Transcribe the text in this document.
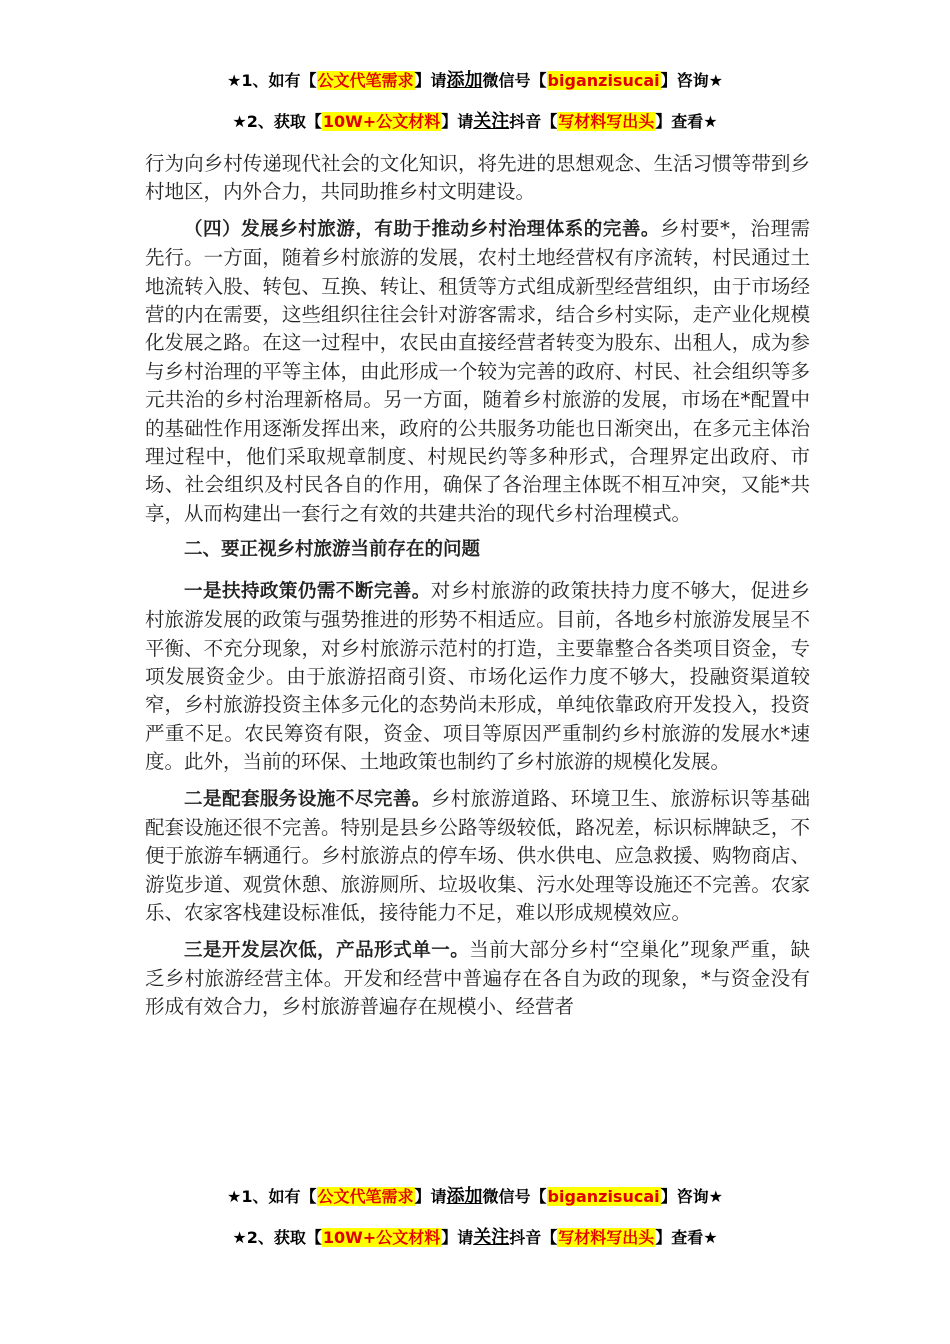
★1、如有【公文代笔需求】请添加微信号【biganzisucai】咨询★
★2、获取【10W+公文材料】请关注抖音【写材料写出头】查看★

行为向乡村传递现代社会的文化知识，将先进的思想观念、生活习惯等带到乡村地区，内外合力，共同助推乡村文明建设。

（四）发展乡村旅游，有助于推动乡村治理体系的完善。乡村要*，治理需先行。一方面，随着乡村旅游的发展，农村土地经营权有序流转，村民通过土地流转入股、转包、互换、转让、租赁等方式组成新型经营组织，由于市场经营的内在需要，这些组织往往会针对游客需求，结合乡村实际，走产业化规模化发展之路。在这一过程中，农民由直接经营者转变为股东、出租人，成为参与乡村治理的平等主体，由此形成一个较为完善的政府、村民、社会组织等多元共治的乡村治理新格局。另一方面，随着乡村旅游的发展，市场在*配置中的基础性作用逐渐发挥出来，政府的公共服务功能也日渐突出，在多元主体治理过程中，他们采取规章制度、村规民约等多种形式，合理界定出政府、市场、社会组织及村民各自的作用，确保了各治理主体既不相互冲突，又能*共享，从而构建出一套行之有效的共建共治的现代乡村治理模式。

二、要正视乡村旅游当前存在的问题

一是扶持政策仍需不断完善。对乡村旅游的政策扶持力度不够大，促进乡村旅游发展的政策与强势推进的形势不相适应。目前，各地乡村旅游发展呈不平衡、不充分现象，对乡村旅游示范村的打造，主要靠整合各类项目资金，专项发展资金少。由于旅游招商引资、市场化运作力度不够大，投融资渠道较窄，乡村旅游投资主体多元化的态势尚未形成，单纯依靠政府开发投入，投资严重不足。农民筹资有限，资金、项目等原因严重制约乡村旅游的发展水*速度。此外，当前的环保、土地政策也制约了乡村旅游的规模化发展。

二是配套服务设施不尽完善。乡村旅游道路、环境卫生、旅游标识等基础配套设施还很不完善。特别是县乡公路等级较低，路况差，标识标牌缺乏，不便于旅游车辆通行。乡村旅游点的停车场、供水供电、应急救援、购物商店、游览步道、观赏休憩、旅游厕所、垃圾收集、污水处理等设施还不完善。农家乐、农家客栈建设标准低，接待能力不足，难以形成规模效应。

三是开发层次低，产品形式单一。当前大部分乡村“空巢化”现象严重，缺乏乡村旅游经营主体。开发和经营中普遍存在各自为政的现象，*与资金没有形成有效合力，乡村旅游普遍存在规模小、经营者

★1、如有【公文代笔需求】请添加微信号【biganzisucai】咨询★
★2、获取【10W+公文材料】请关注抖音【写材料写出头】查看★
